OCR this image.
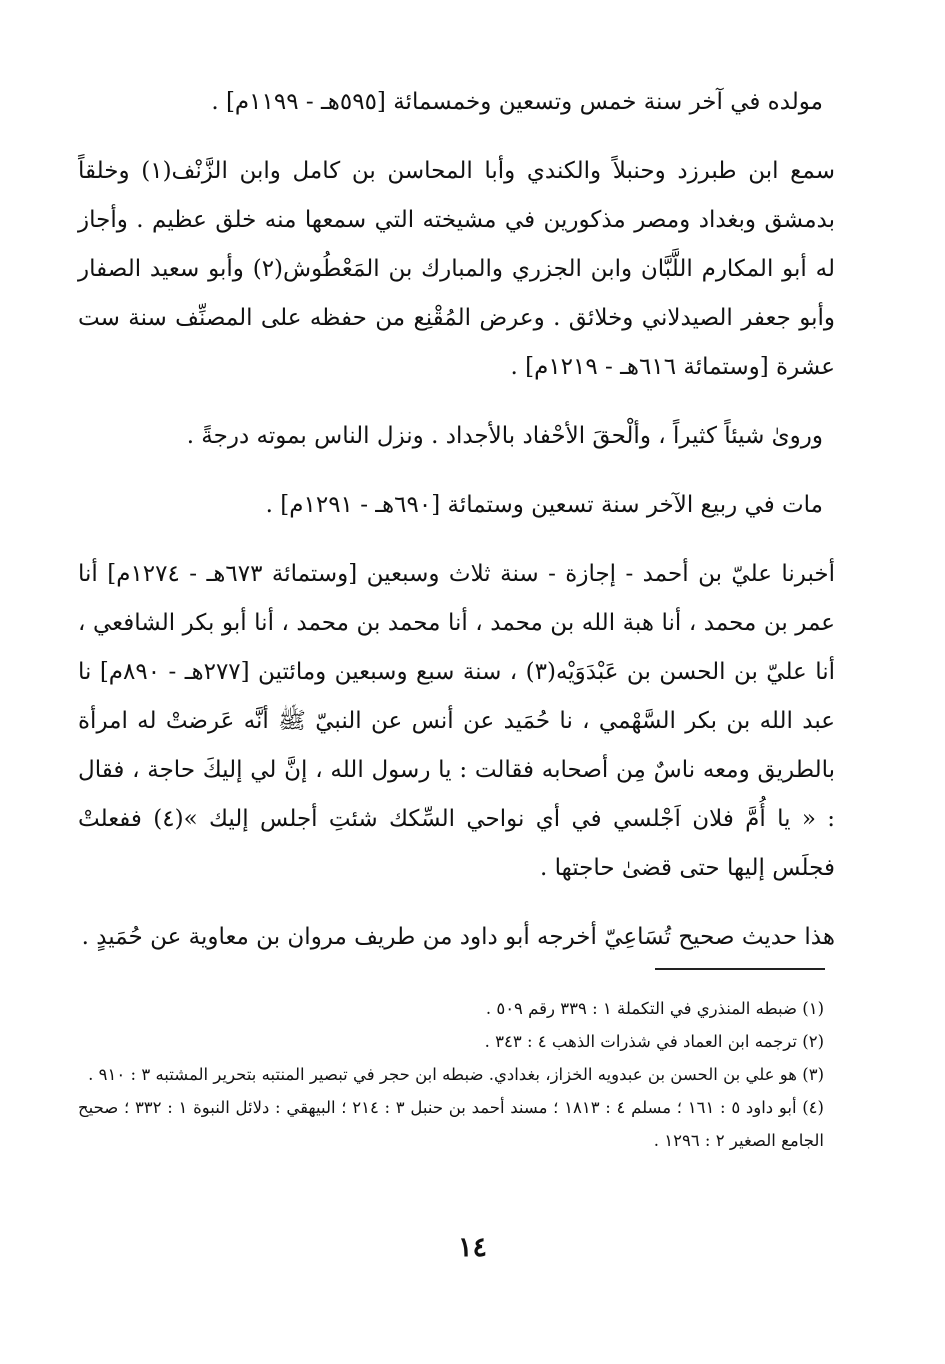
مولده في آخر سنة خمس وتسعين وخمسمائة [٥٩٥هـ - ١١٩٩م] .

سمع ابن طبرزد وحنبلاً والكندي وأبا المحاسن بن كامل وابن الزَّنْف(١) وخلقاً بدمشق وبغداد ومصر مذكورين في مشيخته التي سمعها منه خلق عظيم . وأجاز له أبو المكارم اللَّبَّان وابن الجزري والمبارك بن المَعْطُوش(٢) وأبو سعيد الصفار وأبو جعفر الصيدلاني وخلائق . وعرض المُقْنِع من حفظه على المصنِّف سنة ست عشرة [وستمائة ٦١٦هـ - ١٢١٩م] .

وروىٰ شيئاً كثيراً ، وألْحقَ الأحْفاد بالأجداد . ونزل الناس بموته درجةً .

مات في ربيع الآخر سنة تسعين وستمائة [٦٩٠هـ - ١٢٩١م] .

أخبرنا عليّ بن أحمد - إجازة - سنة ثلاث وسبعين [وستمائة ٦٧٣هـ - ١٢٧٤م] أنا عمر بن محمد ، أنا هبة الله بن محمد ، أنا محمد بن محمد ، أنا أبو بكر الشافعي ، أنا عليّ بن الحسن بن عَبْدَوَيْه(٣) ، سنة سبع وسبعين ومائتين [٢٧٧هـ - ٨٩٠م] نا عبد الله بن بكر السَّهْمي ، نا حُمَيد عن أنس عن النبيّ ﷺ أنَّه عَرضتْ له امرأة بالطريق ومعه ناسٌ مِن أصحابه فقالت : يا رسول الله ، إنَّ لي إليكَ حاجة ، فقال : « يا أُمَّ فلان اَجْلسي في أي نواحي السِّكك شئتِ أجلس إليك »(٤) ففعلتْ فجلَس إليها حتى قضىٰ حاجتها .

هذا حديث صحيح تُسَاعِيّ أخرجه أبو داود من طريف مروان بن معاوية عن حُمَيدٍ .

(١) ضبطه المنذري في التكملة ١ : ٣٣٩ رقم ٥٠٩ .

(٢) ترجمه ابن العماد في شذرات الذهب ٤ : ٣٤٣ .

(٣) هو علي بن الحسن بن عبدويه الخزاز، بغدادي. ضبطه ابن حجر في تبصير المنتبه بتحرير المشتبه ٣ : ٩١٠ .

(٤) أبو داود ٥ : ١٦١ ؛ مسلم ٤ : ١٨١٣ ؛ مسند أحمد بن حنبل ٣ : ٢١٤ ؛ البيهقي : دلائل النبوة ١ : ٣٣٢ ؛ صحيح الجامع الصغير ٢ : ١٢٩٦ .

١٤
